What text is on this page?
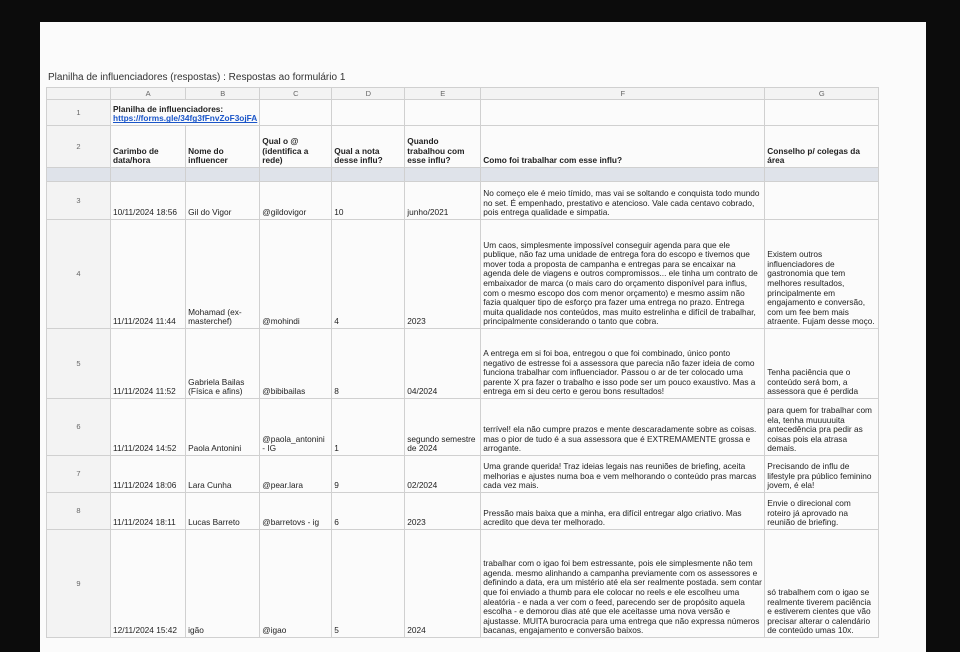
Planilha de influenciadores (respostas) : Respostas ao formulário 1
	A	B	C	D	E	F	G
1	Planilha de influenciadores: https://forms.gle/34fg3fFnvZoF3ojFA						
2	Carimbo de data/hora	Nome do influencer	Qual o @ (identifica a rede)	Qual a nota desse influ?	Quando trabalhou com esse influ?	Como foi trabalhar com esse influ?	Conselho p/ colegas da área

3	10/11/2024 18:56	Gil do Vigor	@gildovigor	10	junho/2021	No começo ele é meio tímido, mas vai se soltando e conquista todo mundo no set. É empenhado, prestativo e atencioso. Vale cada centavo cobrado, pois entrega qualidade e simpatia.	
4	11/11/2024 11:44	Mohamad (ex-masterchef)	@mohindi	4	2023	Um caos, simplesmente impossível conseguir agenda para que ele publique, não faz uma unidade de entrega fora do escopo e tivemos que mover toda a proposta de campanha e entregas para se encaixar na agenda dele de viagens e outros compromissos... ele tinha um contrato de embaixador de marca (o mais caro do orçamento disponível para influs, com o mesmo escopo dos com menor orçamento) e mesmo assim não fazia qualquer tipo de esforço pra fazer uma entrega no prazo. Entrega muita qualidade nos conteúdos, mas muito estrelinha e difícil de trabalhar, principalmente considerando o tanto que cobra.	Existem outros influenciadores de gastronomia que tem melhores resultados, principalmente em engajamento e conversão, com um fee bem mais atraente. Fujam desse moço.
5	11/11/2024 11:52	Gabriela Bailas (Física e afins)	@bibibailas	8	04/2024	A entrega em si foi boa, entregou o que foi combinado, único ponto negativo de estresse foi a assessora que parecia não fazer ideia de como funciona trabalhar com influenciador. Passou o ar de ter colocado uma parente X pra fazer o trabalho e isso pode ser um pouco exaustivo. Mas a entrega em si deu certo e gerou bons resultados!	Tenha paciência que o conteúdo será bom, a assessora que é perdida
6	11/11/2024 14:52	Paola Antonini	@paola_antonini - IG	1	segundo semestre de 2024	terrível! ela não cumpre prazos e mente descaradamente sobre as coisas. mas o pior de tudo é a sua assessora que é EXTREMAMENTE grossa e arrogante.	para quem for trabalhar com ela, tenha muuuuuita antecedência pra pedir as coisas pois ela atrasa demais.
7	11/11/2024 18:06	Lara Cunha	@pear.lara	9	02/2024	Uma grande querida! Traz ideias legais nas reuniões de briefing, aceita melhorias e ajustes numa boa e vem melhorando o conteúdo pras marcas cada vez mais.	Precisando de influ de lifestyle pra público feminino jovem, é ela!
8	11/11/2024 18:11	Lucas Barreto	@barretovs - ig	6	2023	Pressão mais baixa que a minha, era difícil entregar algo criativo. Mas acredito que deva ter melhorado.	Envie o direcional com roteiro já aprovado na reunião de briefing.
9	12/11/2024 15:42	igão	@igao	5	2024	trabalhar com o igao foi bem estressante, pois ele simplesmente não tem agenda. mesmo alinhando a campanha previamente com os assessores e definindo a data, era um mistério até ela ser realmente postada. sem contar que foi enviado a thumb para ele colocar no reels e ele escolheu uma aleatória - e nada a ver com o feed, parecendo ser de propósito aquela escolha - e demorou dias até que ele aceitasse uma nova versão e ajustasse. MUITA burocracia para uma entrega que não expressa números bacanas, engajamento e conversão baixos.	só trabalhem com o igao se realmente tiverem paciência e estiverem cientes que vão precisar alterar o calendário de conteúdo umas 10x.
